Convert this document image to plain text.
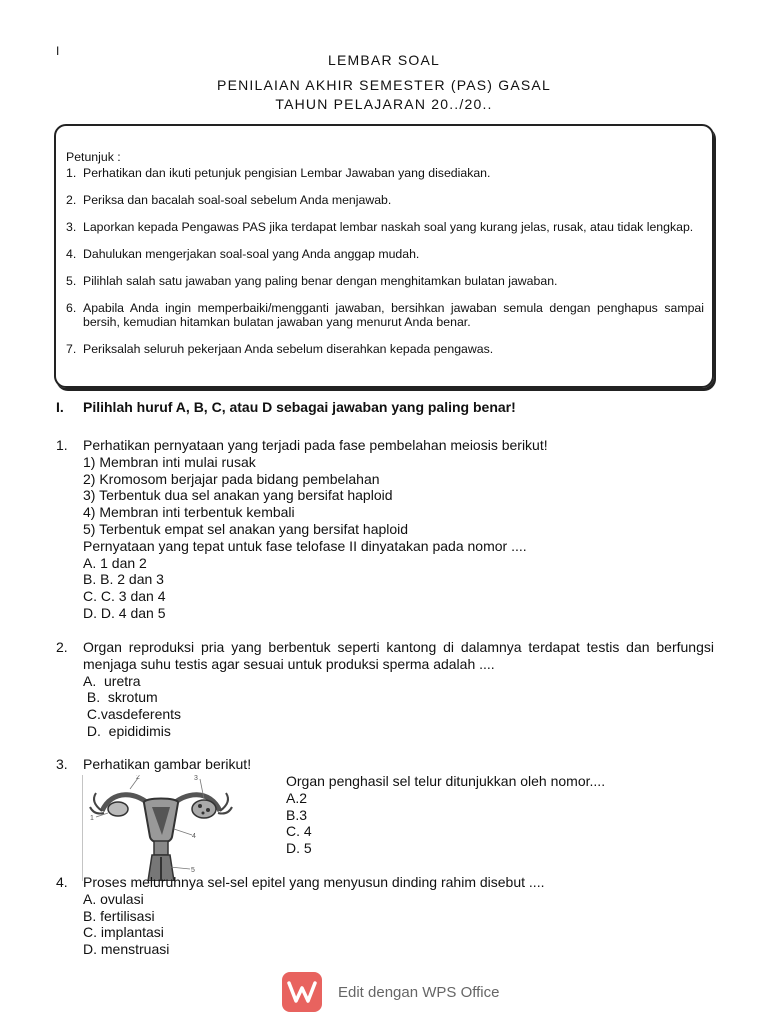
I
LEMBAR SOAL
PENILAIAN AKHIR SEMESTER (PAS) GASAL
TAHUN PELAJARAN 20../20..
Petunjuk :
1. Perhatikan dan ikuti petunjuk pengisian Lembar Jawaban yang disediakan.
2. Periksa dan bacalah soal-soal sebelum Anda menjawab.
3. Laporkan kepada Pengawas PAS jika terdapat lembar naskah soal yang kurang jelas, rusak, atau tidak lengkap.
4. Dahulukan mengerjakan soal-soal yang Anda anggap mudah.
5. Pilihlah salah satu jawaban yang paling benar dengan menghitamkan bulatan jawaban.
6. Apabila Anda ingin memperbaiki/mengganti jawaban, bersihkan jawaban semula dengan penghapus sampai bersih, kemudian hitamkan bulatan jawaban yang menurut Anda benar.
7. Periksalah seluruh pekerjaan Anda sebelum diserahkan kepada pengawas.
I. Pilihlah huruf A, B, C, atau D sebagai jawaban yang paling benar!
1. Perhatikan pernyataan yang terjadi pada fase pembelahan meiosis berikut!
1) Membran inti mulai rusak
2) Kromosom berjajar pada bidang pembelahan
3) Terbentuk dua sel anakan yang bersifat haploid
4) Membran inti terbentuk kembali
5) Terbentuk empat sel anakan yang bersifat haploid
Pernyataan yang tepat untuk fase telofase II dinyatakan pada nomor ....
A. 1 dan 2
B. B. 2 dan 3
C. C. 3 dan 4
D. D. 4 dan 5
2. Organ reproduksi pria yang berbentuk seperti kantong di dalamnya terdapat testis dan berfungsi menjaga suhu testis agar sesuai untuk produksi sperma adalah ....
A.  uretra
B.  skrotum
C.vasdeferents
D.  epididimis
3. Perhatikan gambar berikut!
Organ penghasil sel telur ditunjukkan oleh nomor....
A.2
B.3
C. 4
D. 5
2	3
1
4
5
4. Proses meluruhnya sel-sel epitel yang menyusun dinding rahim disebut ....
A. ovulasi
B. fertilisasi
C. implantasi
D. menstruasi
Edit dengan WPS Office
